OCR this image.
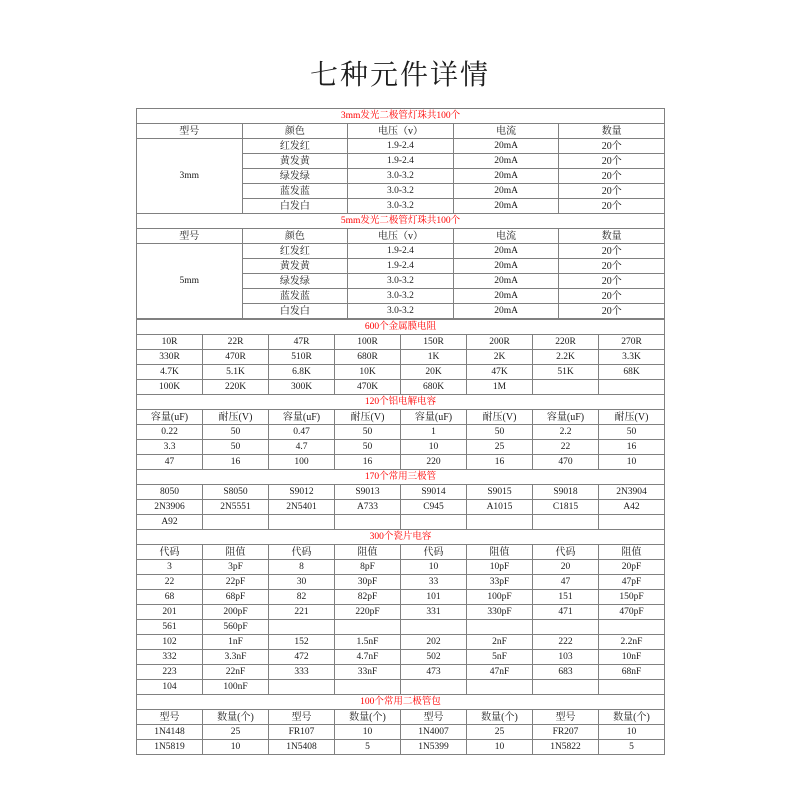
七种元件详情
3mm发光二极管灯珠共100个				
型号	颜色	电压（v）	电流	数量
3mm	红发红	1.9-2.4	20mA	20个
	黄发黄	1.9-2.4	20mA	20个
	绿发绿	3.0-3.2	20mA	20个
	蓝发蓝	3.0-3.2	20mA	20个
	白发白	3.0-3.2	20mA	20个
5mm发光二极管灯珠共100个				
型号	颜色	电压（v）	电流	数量
5mm	红发红	1.9-2.4	20mA	20个
	黄发黄	1.9-2.4	20mA	20个
	绿发绿	3.0-3.2	20mA	20个
	蓝发蓝	3.0-3.2	20mA	20个
	白发白	3.0-3.2	20mA	20个
600个金属膜电阻							
10R	22R	47R	100R	150R	200R	220R	270R
330R	470R	510R	680R	1K	2K	2.2K	3.3K
4.7K	5.1K	6.8K	10K	20K	47K	51K	68K
100K	220K	300K	470K	680K	1M		
120个铝电解电容							
容量(uF)	耐压(V)	容量(uF)	耐压(V)	容量(uF)	耐压(V)	容量(uF)	耐压(V)
0.22	50	0.47	50	1	50	2.2	50
3.3	50	4.7	50	10	25	22	16
47	16	100	16	220	16	470	10
170个常用三极管							
8050	S8050	S9012	S9013	S9014	S9015	S9018	2N3904
2N3906	2N5551	2N5401	A733	C945	A1015	C1815	A42
A92							
300个瓷片电容							
代码	阻值	代码	阻值	代码	阻值	代码	阻值
3	3pF	8	8pF	10	10pF	20	20pF
22	22pF	30	30pF	33	33pF	47	47pF
68	68pF	82	82pF	101	100pF	151	150pF
201	200pF	221	220pF	331	330pF	471	470pF
561	560pF						
102	1nF	152	1.5nF	202	2nF	222	2.2nF
332	3.3nF	472	4.7nF	502	5nF	103	10nF
223	22nF	333	33nF	473	47nF	683	68nF
104	100nF						
100个常用二极管包							
型号	数量(个)	型号	数量(个)	型号	数量(个)	型号	数量(个)
1N4148	25	FR107	10	1N4007	25	FR207	10
1N5819	10	1N5408	5	1N5399	10	1N5822	5
